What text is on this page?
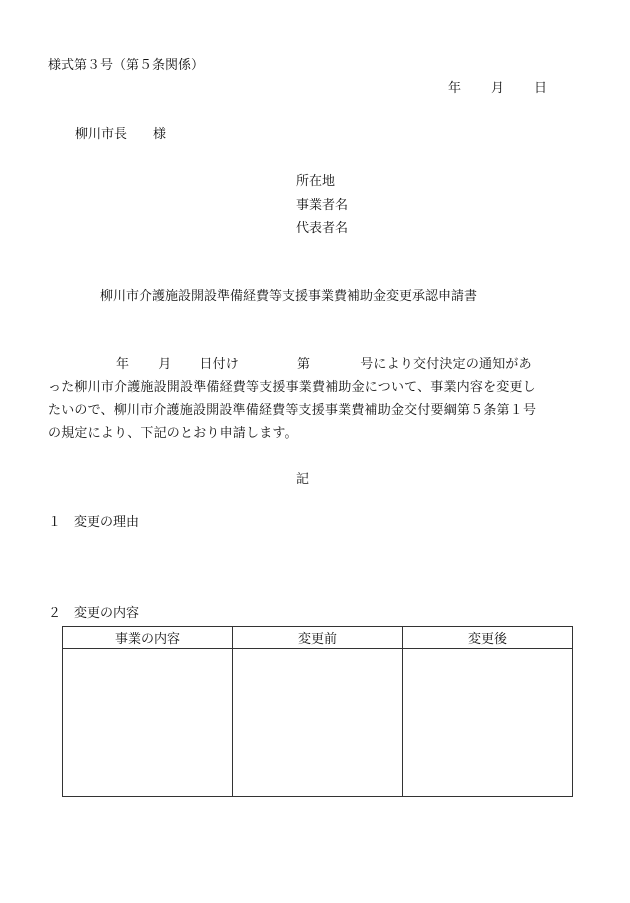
様式第３号（第５条関係）
年 月 日
柳川市長 様
所在地
事業者名
代表者名
柳川市介護施設開設準備経費等支援事業費補助金変更承認申請書

年 月 日付け	第	号により交付決定の通知があ

った柳川市介護施設開設準備経費等支援事業費補助金について、事業内容を変更し

たいので、柳川市介護施設開設準備経費等支援事業費補助金交付要綱第５条第１号

の規定により、下記のとおり申請します。

記
１ 変更の理由
２ 変更の内容
事業の内容	変更前	変更後
